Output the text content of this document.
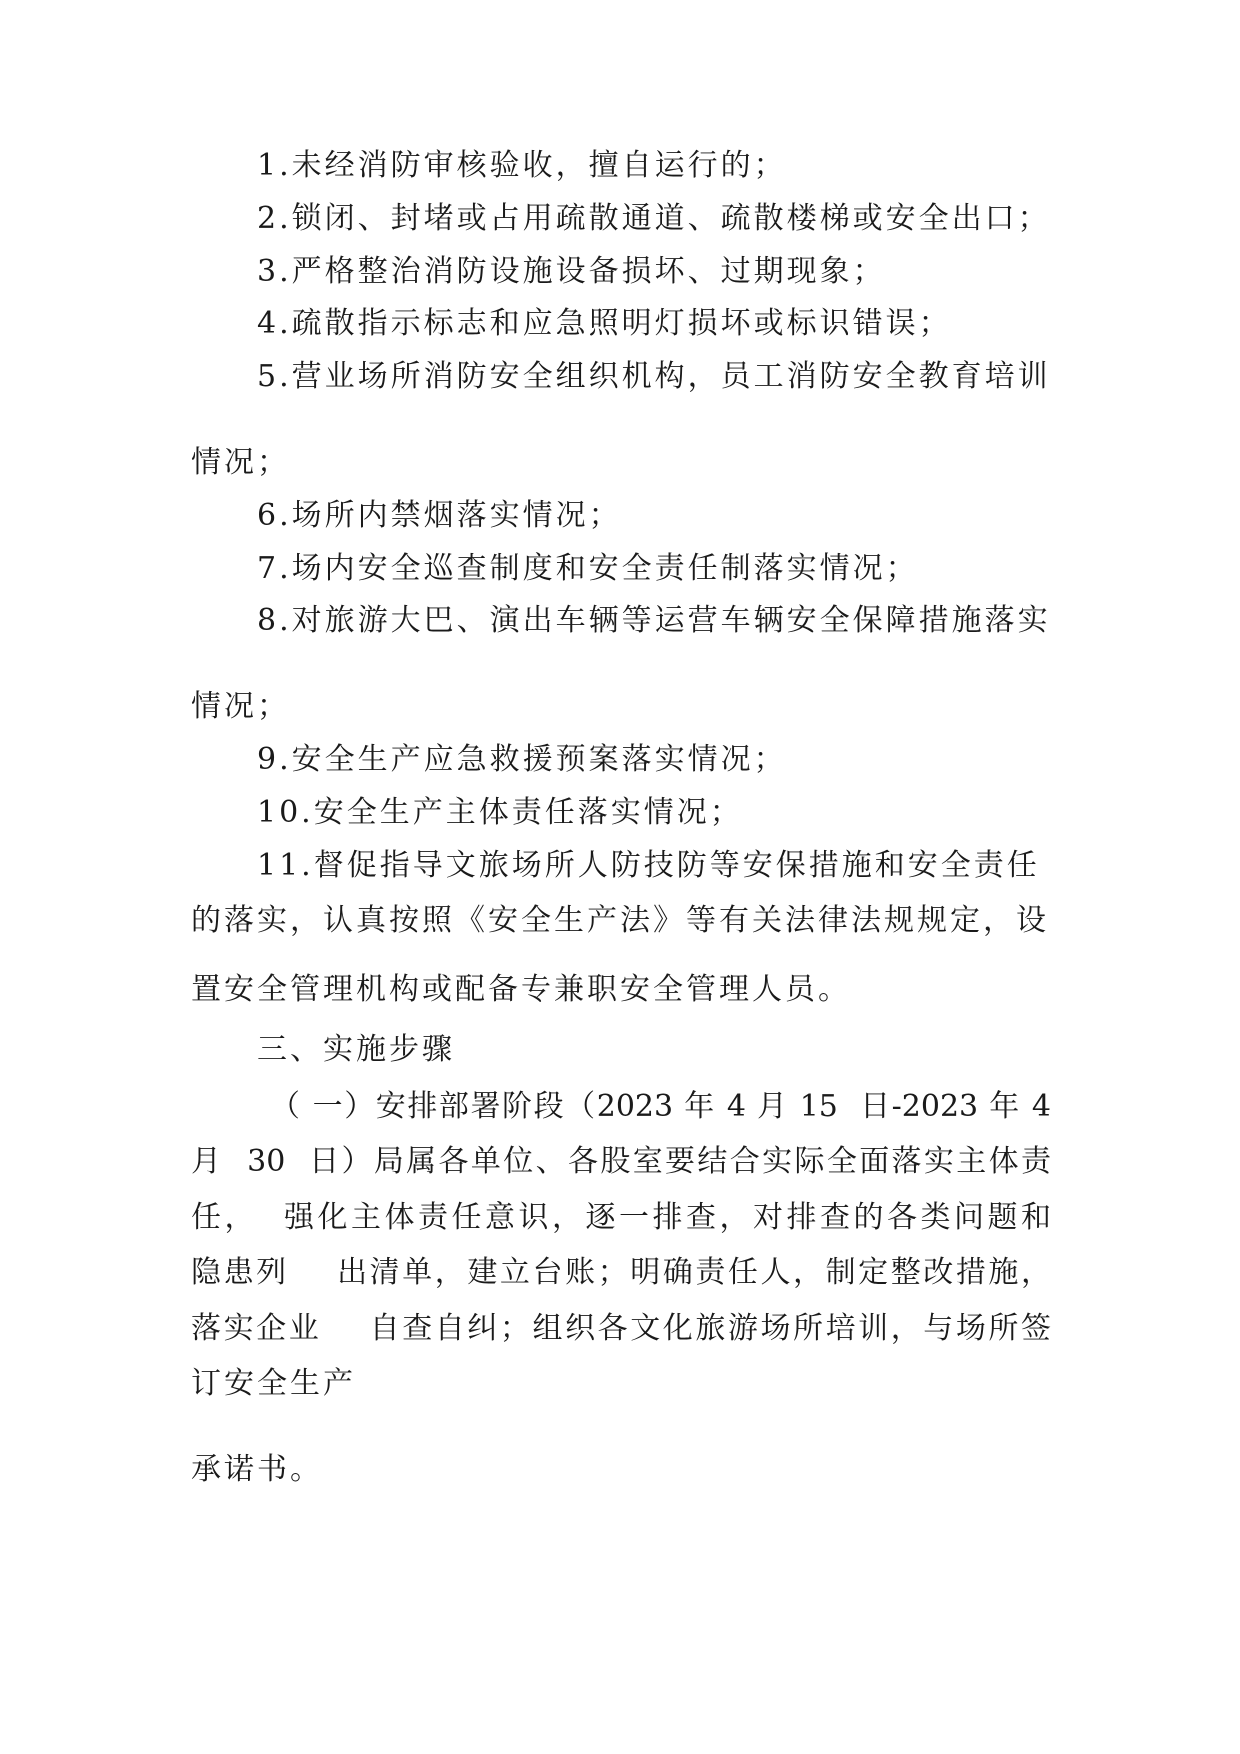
1.未经消防审核验收，擅自运行的；

2.锁闭、封堵或占用疏散通道、疏散楼梯或安全出口；

3.严格整治消防设施设备损坏、过期现象；

4.疏散指示标志和应急照明灯损坏或标识错误；

5.营业场所消防安全组织机构，员工消防安全教育培训

情况；

6.场所内禁烟落实情况；

7.场内安全巡查制度和安全责任制落实情况；

8.对旅游大巴、演出车辆等运营车辆安全保障措施落实

情况；

9.安全生产应急救援预案落实情况；

10.安全生产主体责任落实情况；

11.督促指导文旅场所人防技防等安保措施和安全责任

的落实，认真按照《安全生产法》等有关法律法规规定，设

置安全管理机构或配备专兼职安全管理人员。

三、实施步骤

（ 一）安排部署阶段（2023 年 4 月 15  日-2023 年 4

月  30  日）局属各单位、各股室要结合实际全面落实主体责

任，  强化主体责任意识，逐一排查，对排查的各类问题和

隐患列    出清单，建立台账；明确责任人，制定整改措施，

落实企业    自查自纠；组织各文化旅游场所培训，与场所签

订安全生产

承诺书。
